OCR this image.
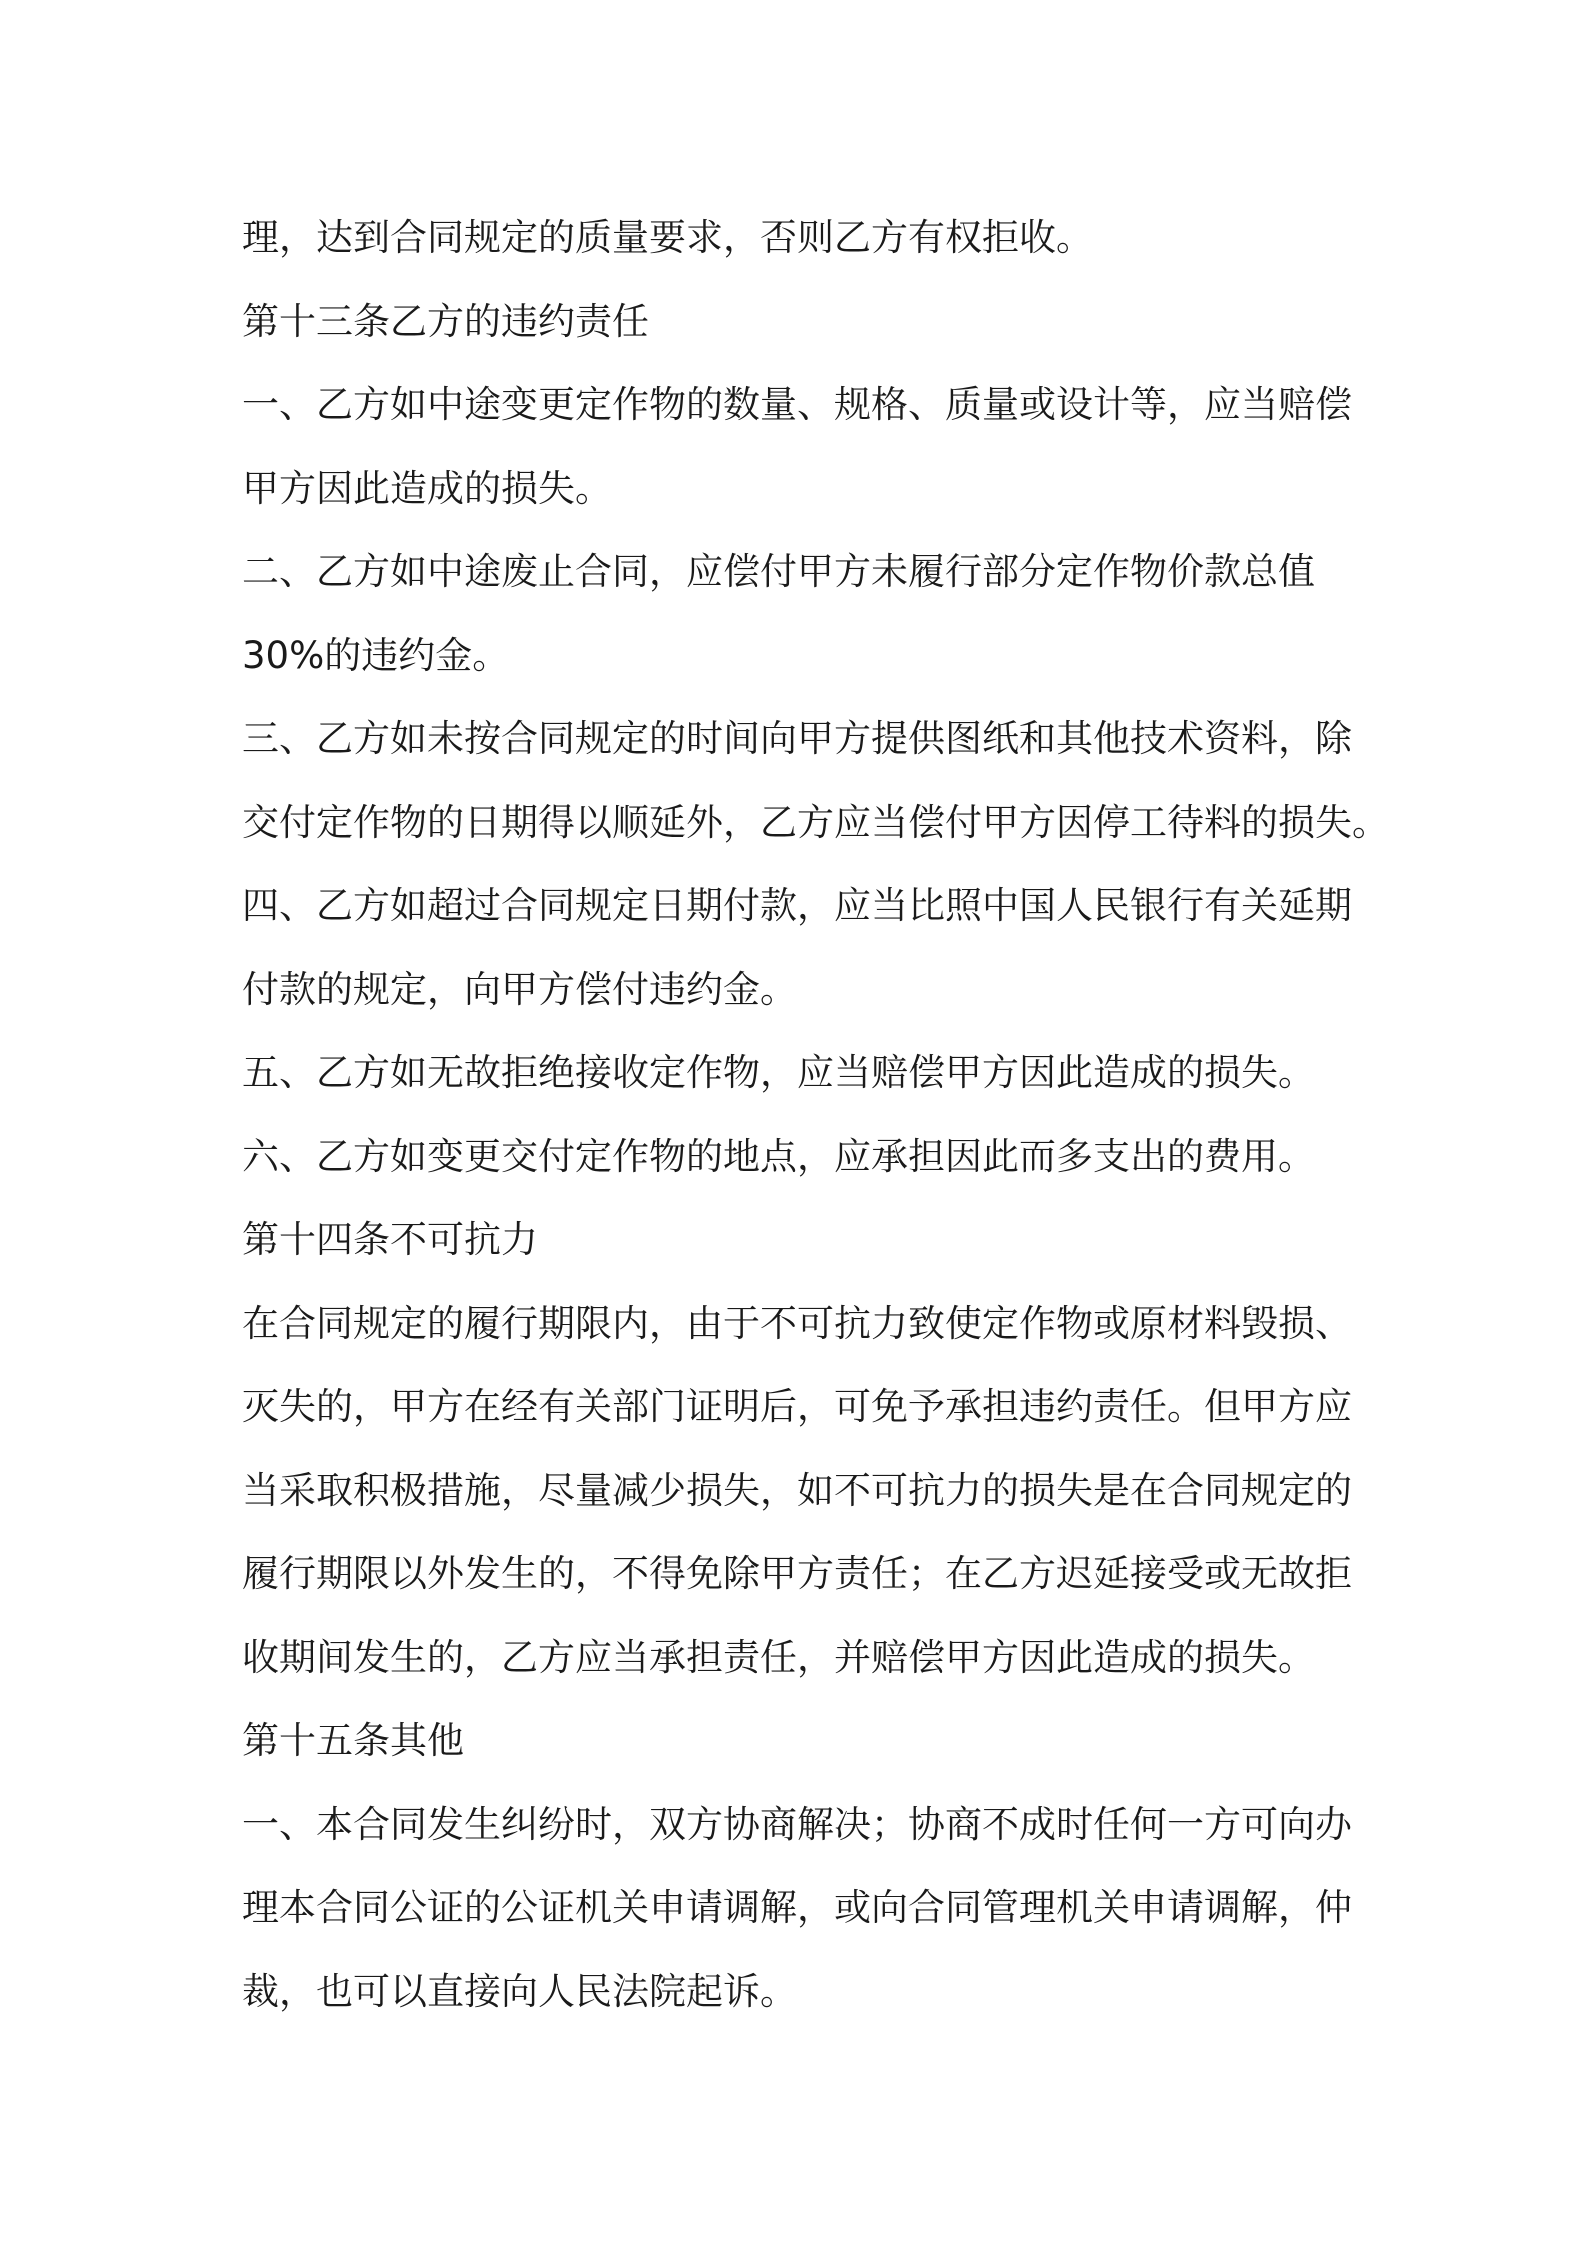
理，达到合同规定的质量要求，否则乙方有权拒收。
第十三条乙方的违约责任
一、乙方如中途变更定作物的数量、规格、质量或设计等，应当赔偿
甲方因此造成的损失。
二、乙方如中途废止合同，应偿付甲方未履行部分定作物价款总值
30%的违约金。
三、乙方如未按合同规定的时间向甲方提供图纸和其他技术资料，除
交付定作物的日期得以顺延外，乙方应当偿付甲方因停工待料的损失。
四、乙方如超过合同规定日期付款，应当比照中国人民银行有关延期
付款的规定，向甲方偿付违约金。
五、乙方如无故拒绝接收定作物，应当赔偿甲方因此造成的损失。
六、乙方如变更交付定作物的地点，应承担因此而多支出的费用。
第十四条不可抗力
在合同规定的履行期限内，由于不可抗力致使定作物或原材料毁损、
灭失的，甲方在经有关部门证明后，可免予承担违约责任。但甲方应
当采取积极措施，尽量减少损失，如不可抗力的损失是在合同规定的
履行期限以外发生的，不得免除甲方责任；在乙方迟延接受或无故拒
收期间发生的，乙方应当承担责任，并赔偿甲方因此造成的损失。
第十五条其他
一、本合同发生纠纷时，双方协商解决；协商不成时任何一方可向办
理本合同公证的公证机关申请调解，或向合同管理机关申请调解，仲
裁，也可以直接向人民法院起诉。
